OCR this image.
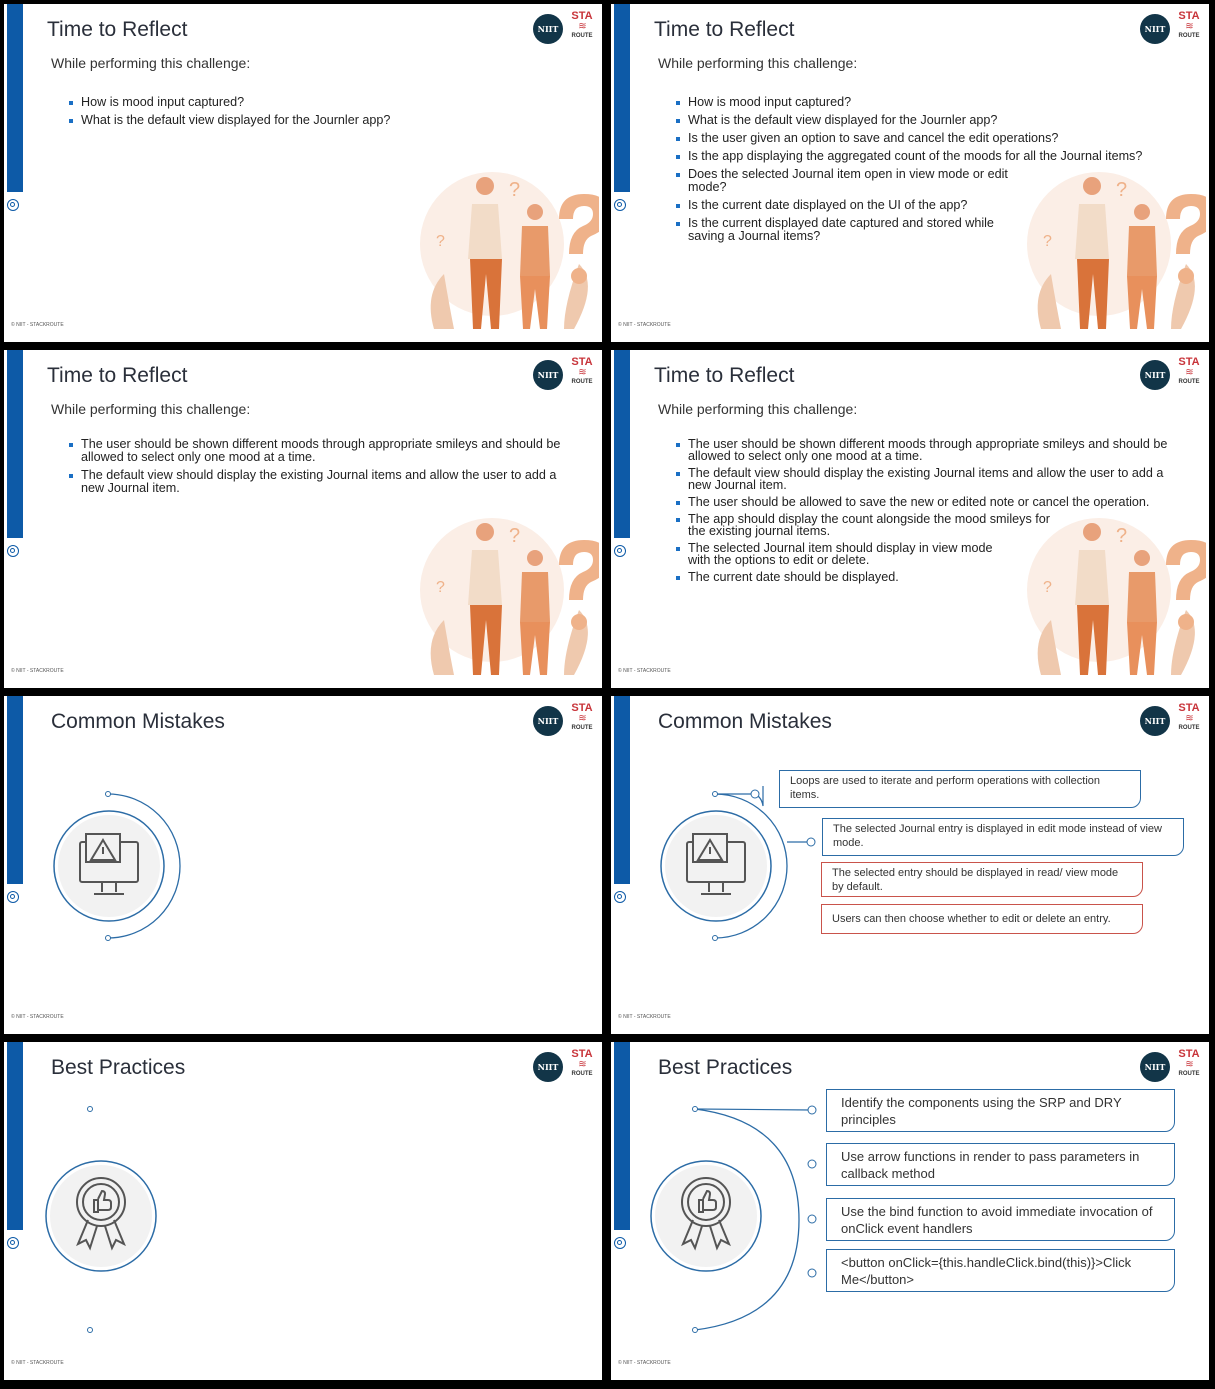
Time to Reflect
While performing this challenge:
How is mood input captured?
What is the default view displayed for the Journler app?
NIIT
STA
≋
ROUTE
© NIIT - STACKROUTE
?
?
Time to Reflect
While performing this challenge:
How is mood input captured?
What is the default view displayed for the Journler app?
Is the user given an option to save and cancel the edit operations?
Is the app displaying the aggregated count of the moods for all the Journal items?
Does the selected Journal item open in view mode or edit mode?
Is the current date displayed on the UI of the app?
Is the current displayed date captured and stored while saving a Journal items?
NIIT
STA
≋
ROUTE
© NIIT - STACKROUTE
?
?
Time to Reflect
While performing this challenge:
The user should be shown different moods through appropriate smileys and should be allowed to select only one mood at a time.
The default view should display the existing Journal items and allow the user to add a new Journal item.
NIIT
STA
≋
ROUTE
© NIIT - STACKROUTE
?
?
Time to Reflect
While performing this challenge:
The user should be shown different moods through appropriate smileys and should be allowed to select only one mood at a time.
The default view should display the existing Journal items and allow the user to add a new Journal item.
The user should be allowed to save the new or edited note or cancel the operation.
The app should display the count alongside the mood smileys for the existing journal items.
The selected Journal item should display in view mode with the options to edit or delete.
The current date should be displayed.
NIIT
STA
≋
ROUTE
© NIIT - STACKROUTE
?
?
Common Mistakes	NIIT
STA
≋
ROUTE
© NIIT - STACKROUTE
Common Mistakes	NIIT
STA
≋
ROUTE
© NIIT - STACKROUTE
Loops are used to iterate and perform operations with collection items.
The selected Journal entry is displayed in edit mode instead of view mode.
The selected entry should be displayed in read/ view mode by default.
Users can then choose whether to edit or delete an entry.
Best Practices	NIIT
STA
≋
ROUTE
© NIIT - STACKROUTE
Best Practices	NIIT
STA
≋
ROUTE
© NIIT - STACKROUTE
Identify the components using the SRP and DRY principles
Use arrow functions in render to pass parameters in callback method
Use the bind function to avoid immediate invocation of onClick event handlers
<button onClick={this.handleClick.bind(this)}>Click Me</button>
